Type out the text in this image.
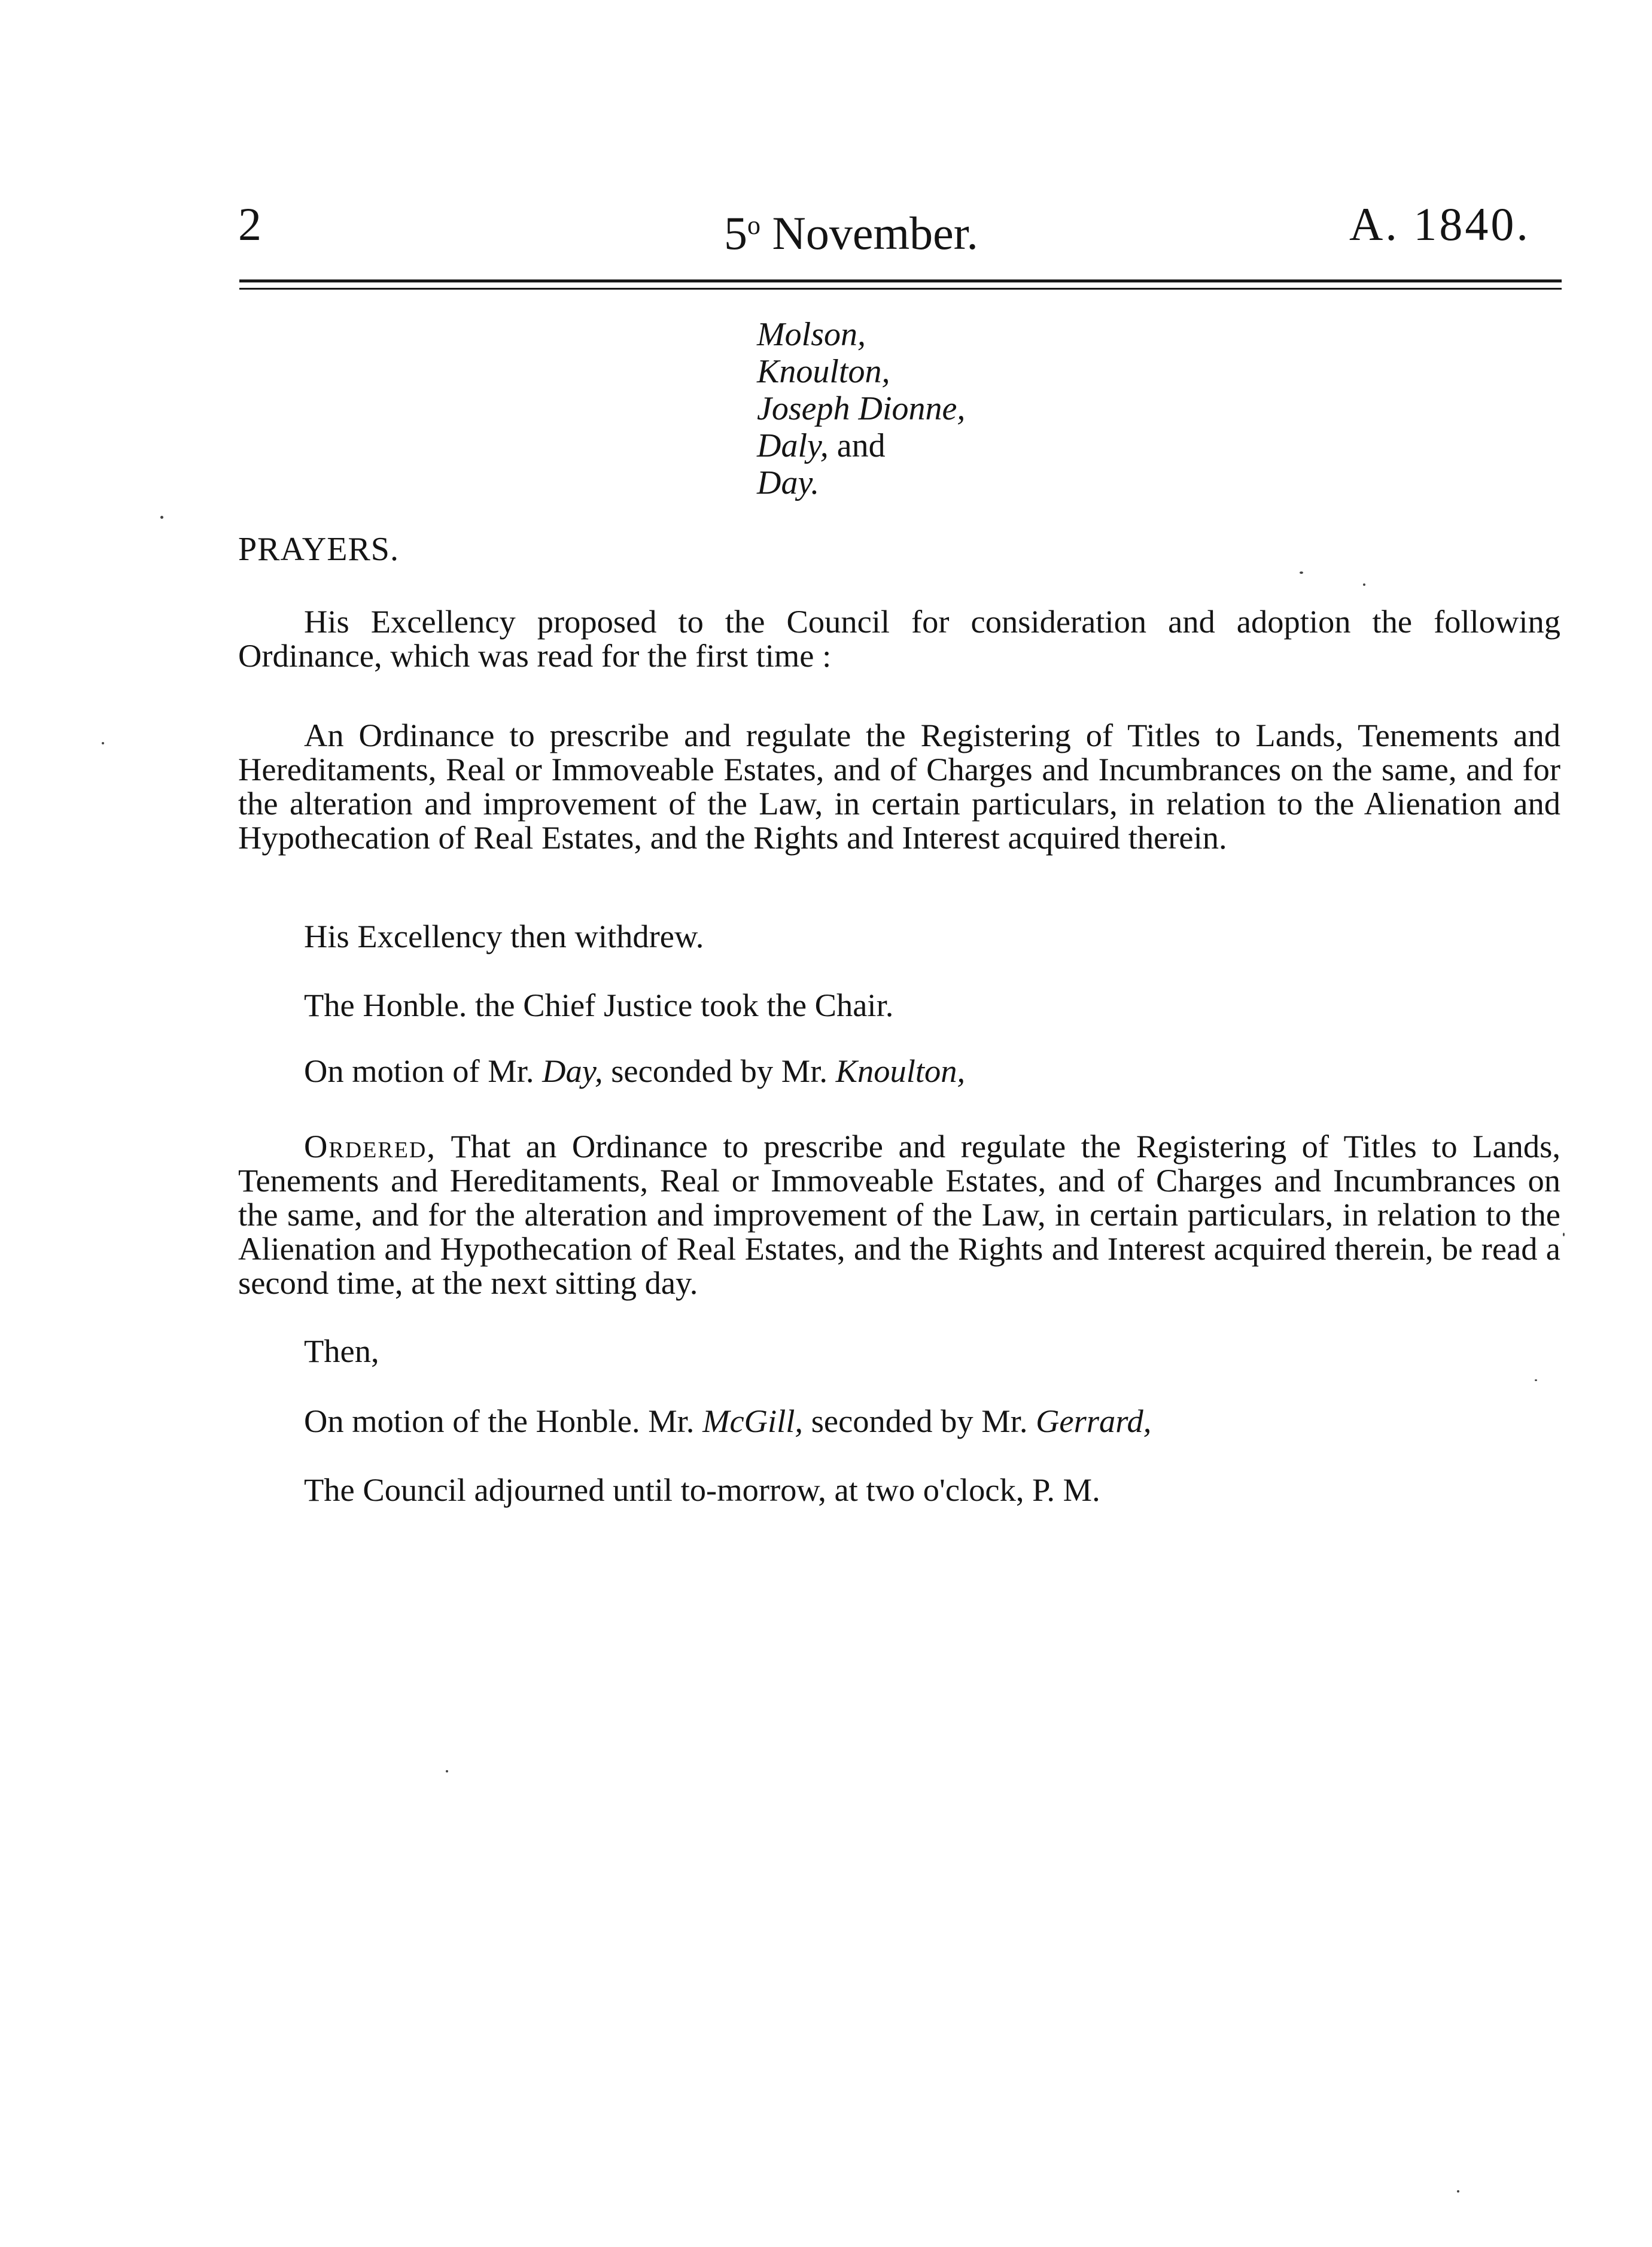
2	5$^o$ November.	A. 1840.
Molson,
Knoulton,
Joseph Dionne,
Daly, and
Day.
PRAYERS.

His Excellency proposed to the Council for consideration and adoption the following Ordinance, which was read for the first time :

An Ordinance to prescribe and regulate the Registering of Titles to Lands, Tenements and Hereditaments, Real or Immoveable Estates, and of Charges and Incumbrances on the same, and for the alteration and improvement of the Law, in certain particulars, in relation to the Alienation and Hypothecation of Real Estates, and the Rights and Interest acquired therein.

His Excellency then withdrew.
The Honble. the Chief Justice took the Chair.
On motion of Mr. Day, seconded by Mr. Knoulton,

Ordered, That an Ordinance to prescribe and regulate the Registering of Titles to Lands, Tenements and Hereditaments, Real or Immoveable Estates, and of Charges and Incumbrances on the same, and for the alteration and improvement of the Law, in certain particulars, in relation to the Alienation and Hypothecation of Real Estates, and the Rights and Interest acquired therein, be read a second time, at the next sitting day.

Then,
On motion of the Honble. Mr. McGill, seconded by Mr. Gerrard,
The Council adjourned until to-morrow, at two o'clock, P. M.
